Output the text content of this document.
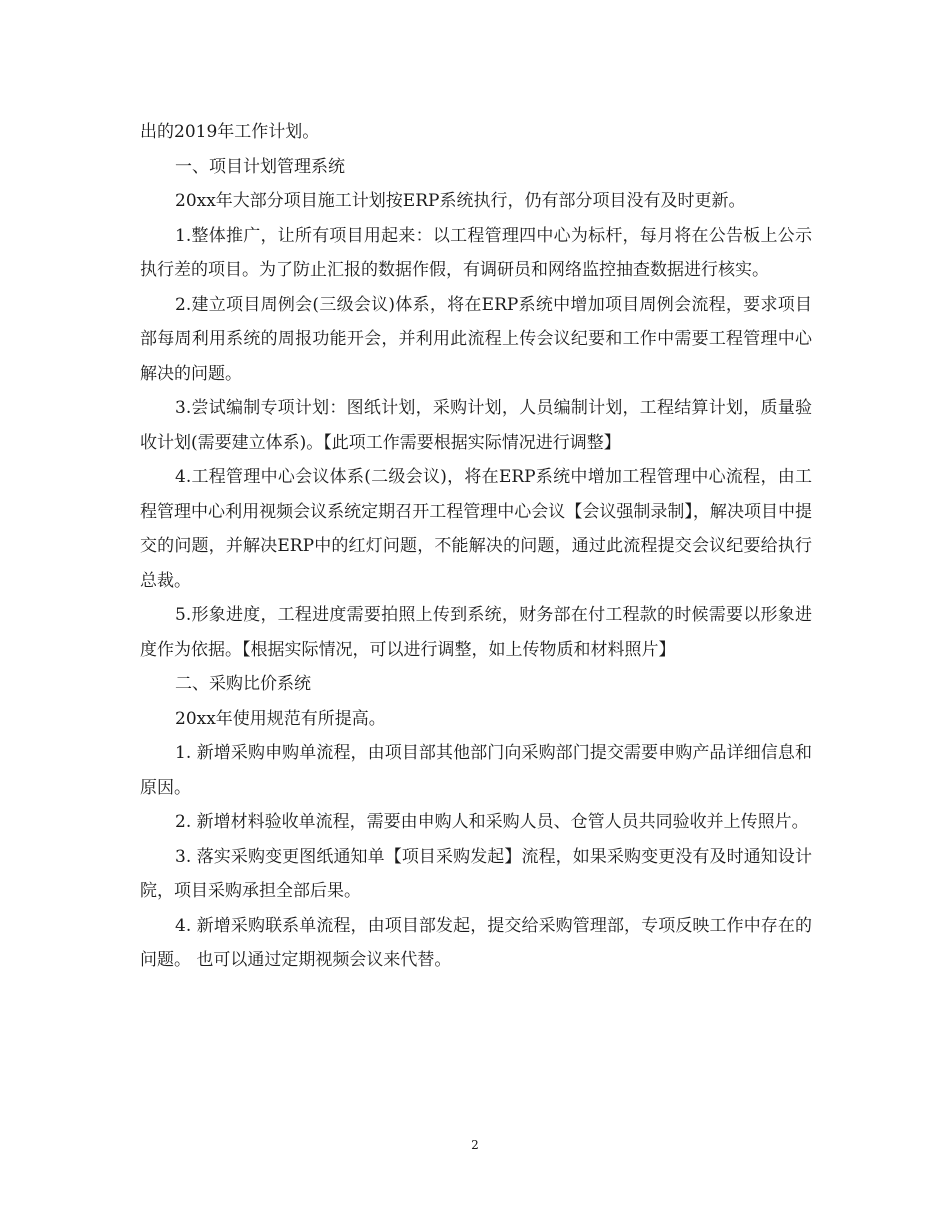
出的2019年工作计划。

一、项目计划管理系统

20xx年大部分项目施工计划按ERP系统执行，仍有部分项目没有及时更新。

1.整体推广，让所有项目用起来：以工程管理四中心为标杆，每月将在公告板上公示执行差的项目。为了防止汇报的数据作假，有调研员和网络监控抽查数据进行核实。

2.建立项目周例会(三级会议)体系，将在ERP系统中增加项目周例会流程，要求项目部每周利用系统的周报功能开会，并利用此流程上传会议纪要和工作中需要工程管理中心解决的问题。

3.尝试编制专项计划：图纸计划，采购计划，人员编制计划，工程结算计划，质量验收计划(需要建立体系)。【此项工作需要根据实际情况进行调整】

4.工程管理中心会议体系(二级会议)，将在ERP系统中增加工程管理中心流程，由工程管理中心利用视频会议系统定期召开工程管理中心会议【会议强制录制】，解决项目中提交的问题，并解决ERP中的红灯问题，不能解决的问题，通过此流程提交会议纪要给执行总裁。

5.形象进度，工程进度需要拍照上传到系统，财务部在付工程款的时候需要以形象进度作为依据。【根据实际情况，可以进行调整，如上传物质和材料照片】

二、采购比价系统

20xx年使用规范有所提高。

1. 新增采购申购单流程，由项目部其他部门向采购部门提交需要申购产品详细信息和原因。

2. 新增材料验收单流程，需要由申购人和采购人员、仓管人员共同验收并上传照片。

3. 落实采购变更图纸通知单【项目采购发起】流程，如果采购变更没有及时通知设计院，项目采购承担全部后果。

4. 新增采购联系单流程，由项目部发起，提交给采购管理部，专项反映工作中存在的问题。 也可以通过定期视频会议来代替。

2
